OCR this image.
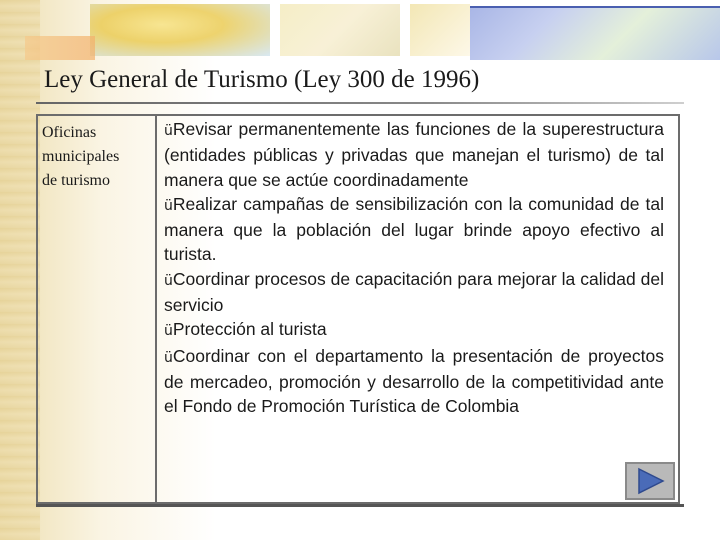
Ley General de Turismo (Ley 300 de 1996)
Oficinas
municipales
de turismo

üRevisar permanentemente las funciones de la superestructura (entidades públicas y privadas que manejan el turismo) de tal manera que se actúe coordinadamente

üRealizar campañas de sensibilización con la comunidad de tal manera que la población del lugar brinde apoyo efectivo al turista.

üCoordinar procesos de capacitación para mejorar la calidad del servicio

üProtección al turista

üCoordinar con el departamento la presentación de proyectos de mercadeo, promoción y desarrollo de la competitividad ante el Fondo de Promoción Turística de Colombia
